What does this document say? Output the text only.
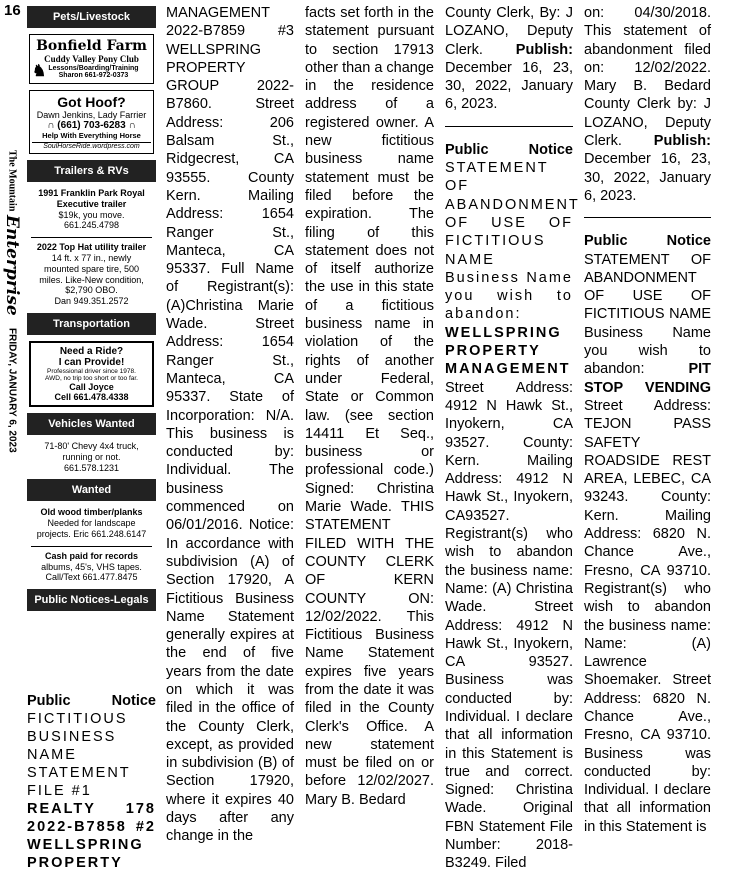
16
The Mountain
Enterprise
FRIDAY, JANUARY 6, 2023
Pets/Livestock
Bonfield Farm
Cuddy Valley Pony Club
♞ Lessons/Boarding/Training
Sharon 661-972-0373
Got Hoof?
Dawn Jenkins, Lady Farrier
∩ (661) 703-6283 ∩
Help With Everything Horse
SoulHorseRide.wordpress.com
Trailers & RVs
1991 Franklin Park Royal
Executive trailer
$19k, you move.
661.245.4798
2022 Top Hat utility trailer
14 ft. x 77 in., newly
mounted spare tire, 500
miles. Like-New condition,
$2,790 OBO.
Dan 949.351.2572
Transportation
Need a Ride?
I can Provide!
Professional driver since 1978.
AWD, no trip too short or too far.
Call Joyce
Cell 661.478.4338
Vehicles Wanted
71-80' Chevy 4x4 truck,
running or not.
661.578.1231
Wanted
Old wood timber/planks
Needed for landscape
projects. Eric 661.248.6147
Cash paid for records
albums, 45's, VHS tapes.
Call/Text 661.477.8475
Public Notices-Legals
Public	Notice
FICTITIOUS BUSINESS NAME STATEMENT FILE #1
REALTY 178 2022-B7858 #2 WELLSPRING PROPERTY

MANAGEMENT 2022-B7859 #3 WELLSPRING PROPERTY GROUP 2022-B7860. Street Address: 206 Balsam St., Ridgecrest, CA 93555. County Kern. Mailing Address: 1654 Ranger St., Manteca, CA 95337. Full Name of Registrant(s): (A)Christina Marie Wade. Street Address: 1654 Ranger St., Manteca, CA 95337. State of Incorporation: N/A. This business is conducted by: Individual. The business commenced on 06/01/2016. Notice: In accordance with subdivision (A) of Section 17920, A Fictitious Business Name Statement generally expires at the end of five years from the date on which it was filed in the office of the County Clerk, except, as provided in subdivision (B) of Section 17920, where it expires 40 days after any change in the

facts set forth in the statement pursuant to section 17913 other than a change in the residence address of a registered owner. A new fictitious business name statement must be filed before the expiration. The filing of this statement does not of itself authorize the use in this state of a fictitious business name in violation of the rights of another under Federal, State or Common law. (see section 14411 Et Seq., business or professional code.) Signed: Christina Marie Wade. THIS STATEMENT FILED WITH THE COUNTY CLERK OF KERN COUNTY ON: 12/02/2022. This Fictitious Business Name Statement expires five years from the date it was filed in the County Clerk's Office. A new statement must be filed on or before 12/02/2027. Mary B. Bedard

County Clerk, By: J LOZANO, Deputy Clerk. Publish: December 16, 23, 30, 2022, January 6, 2023.

Public	Notice

STATEMENT OF ABANDONMENT OF USE OF FICTITIOUS NAME Business Name you wish to abandon: WELLSPRING PROPERTY MANAGEMENT Street Address: 4912 N Hawk St., Inyokern, CA 93527. County: Kern. Mailing Address: 4912 N Hawk St., Inyokern, CA93527. Registrant(s) who wish to abandon the business name: Name: (A) Christina Wade. Street Address: 4912 N Hawk St., Inyokern, CA 93527. Business was conducted by: Individual. I declare that all information in this Statement is true and correct. Signed: Christina Wade. Original FBN Statement File Number: 2018-B3249. Filed

on: 04/30/2018. This statement of abandonment filed on: 12/02/2022. Mary B. Bedard County Clerk by: J LOZANO, Deputy Clerk. Publish: December 16, 23, 30, 2022, January 6, 2023.

Public	Notice

STATEMENT OF ABANDONMENT OF USE OF FICTITIOUS NAME Business Name you wish to abandon:	PIT STOP VENDING Street Address: TEJON PASS SAFETY ROADSIDE REST AREA, LEBEC, CA 93243. County: Kern. Mailing Address: 6820 N. Chance Ave., Fresno, CA 93710. Registrant(s) who wish to abandon the business name: Name: (A) Lawrence Shoemaker. Street Address: 6820 N. Chance Ave., Fresno, CA 93710. Business was conducted by: Individual. I declare that all information in this Statement is
